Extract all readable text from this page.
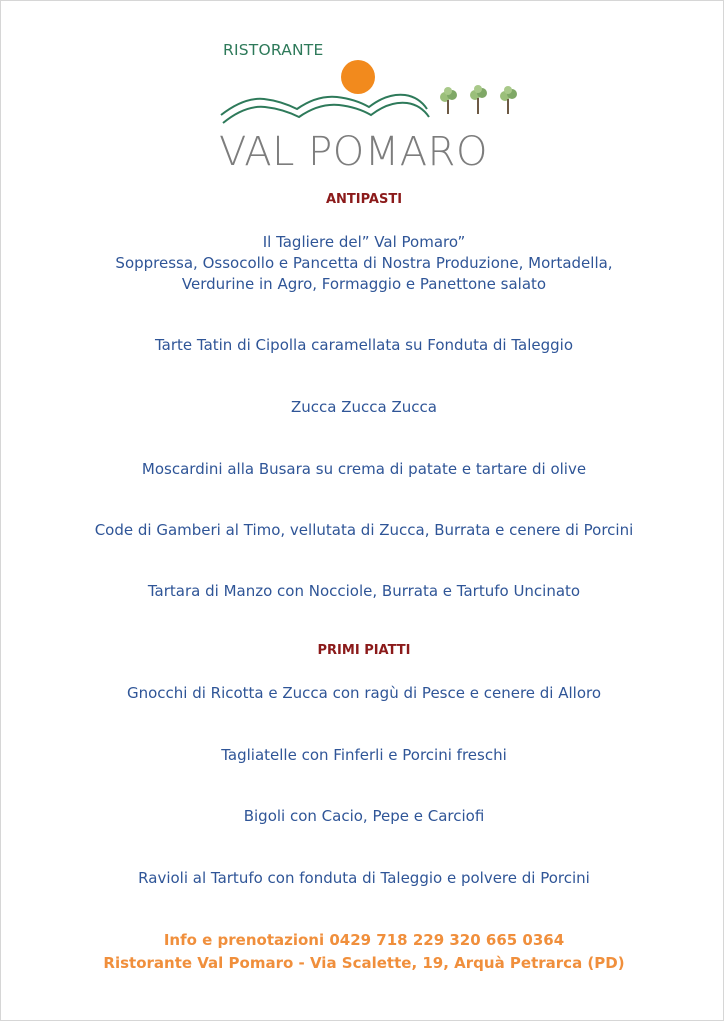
RISTORANTE
VAL POMARO
ANTIPASTI
Il Tagliere del” Val Pomaro”
Soppressa, Ossocollo e Pancetta di Nostra Produzione, Mortadella,
Verdurine in Agro, Formaggio e Panettone salato
Tarte Tatin di Cipolla caramellata su Fonduta di Taleggio
Zucca Zucca Zucca
Moscardini alla Busara su crema di patate e tartare di olive
Code di Gamberi al Timo, vellutata di Zucca, Burrata e cenere di Porcini
Tartara di Manzo con Nocciole, Burrata e Tartufo Uncinato
PRIMI PIATTI
Gnocchi di Ricotta e Zucca con ragù di Pesce e cenere di Alloro
Tagliatelle con Finferli e Porcini freschi
Bigoli con Cacio, Pepe e Carciofi
Ravioli al Tartufo con fonduta di Taleggio e polvere di Porcini
Info e prenotazioni 0429 718 229 320 665 0364
Ristorante Val Pomaro - Via Scalette, 19, Arquà Petrarca (PD)
